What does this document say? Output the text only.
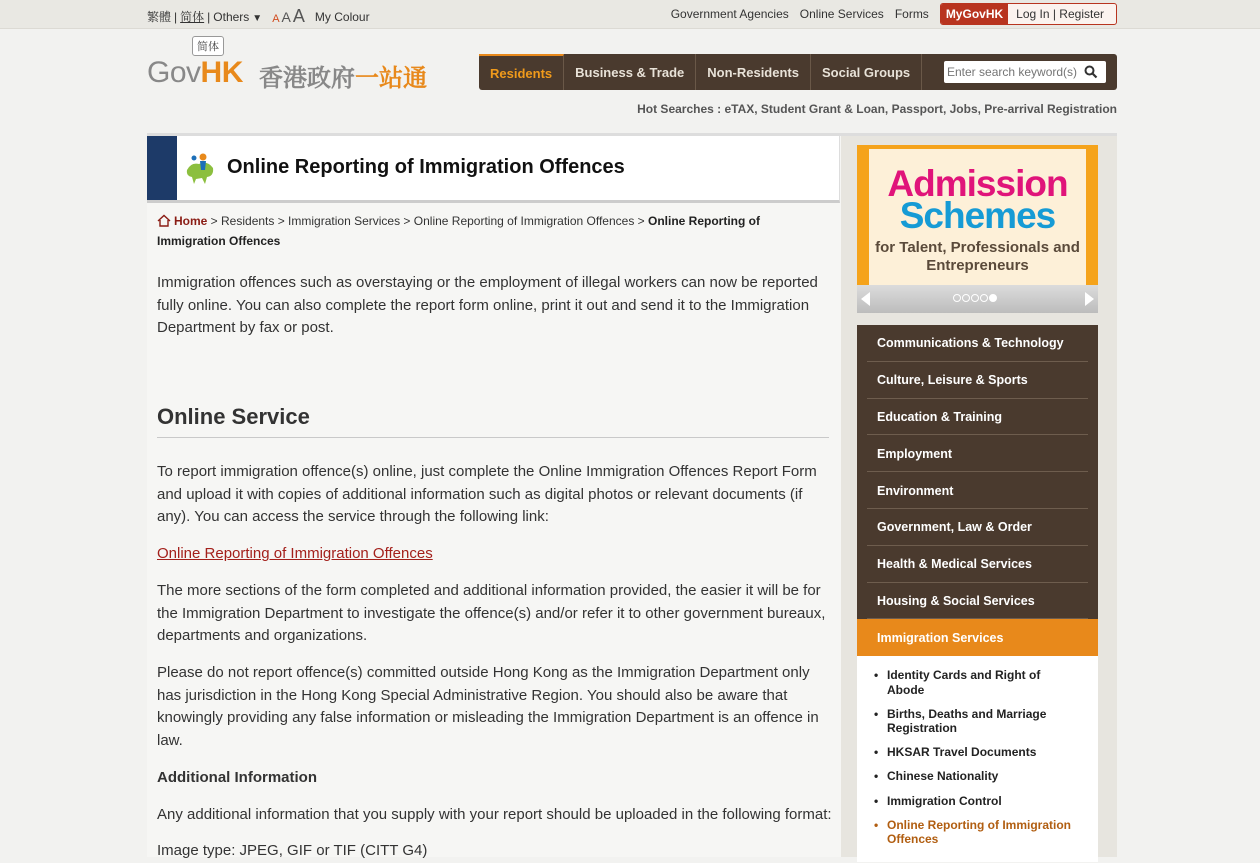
繁體 | 简体 | Others ▼ A A A My Colour	Government Agencies Online Services Forms	MyGovHK	Log In | Register
简体
GovHK 香港政府一站通	Residents	Business & Trade	Non-Residents	Social Groups
Enter search keyword(s)
Hot Searches : eTAX, Student Grant & Loan, Passport, Jobs, Pre-arrival Registration
Online Reporting of Immigration Offences
Home > Residents > Immigration Services > Online Reporting of Immigration Offences > Online Reporting of Immigration Offences

Immigration offences such as overstaying or the employment of illegal workers can now be reported fully online. You can also complete the report form online, print it out and send it to the Immigration Department by fax or post.

Online Service

To report immigration offence(s) online, just complete the Online Immigration Offences Report Form and upload it with copies of additional information such as digital photos or relevant documents (if any). You can access the service through the following link:

Online Reporting of Immigration Offences

The more sections of the form completed and additional information provided, the easier it will be for the Immigration Department to investigate the offence(s) and/or refer it to other government bureaux, departments and organizations.

Please do not report offence(s) committed outside Hong Kong as the Immigration Department only has jurisdiction in the Hong Kong Special Administrative Region. You should also be aware that knowingly providing any false information or misleading the Immigration Department is an offence in law.

Additional Information

Any additional information that you supply with your report should be uploaded in the following format:

Image type: JPEG, GIF or TIF (CITT G4)

Admission
Schemes
for Talent, Professionals and Entrepreneurs
Communications & Technology
Culture, Leisure & Sports
Education & Training
Employment
Environment
Government, Law & Order
Health & Medical Services
Housing & Social Services
Immigration Services
• Identity Cards and Right of Abode
• Births, Deaths and Marriage Registration
• HKSAR Travel Documents
• Chinese Nationality
• Immigration Control
• Online Reporting of Immigration Offences
